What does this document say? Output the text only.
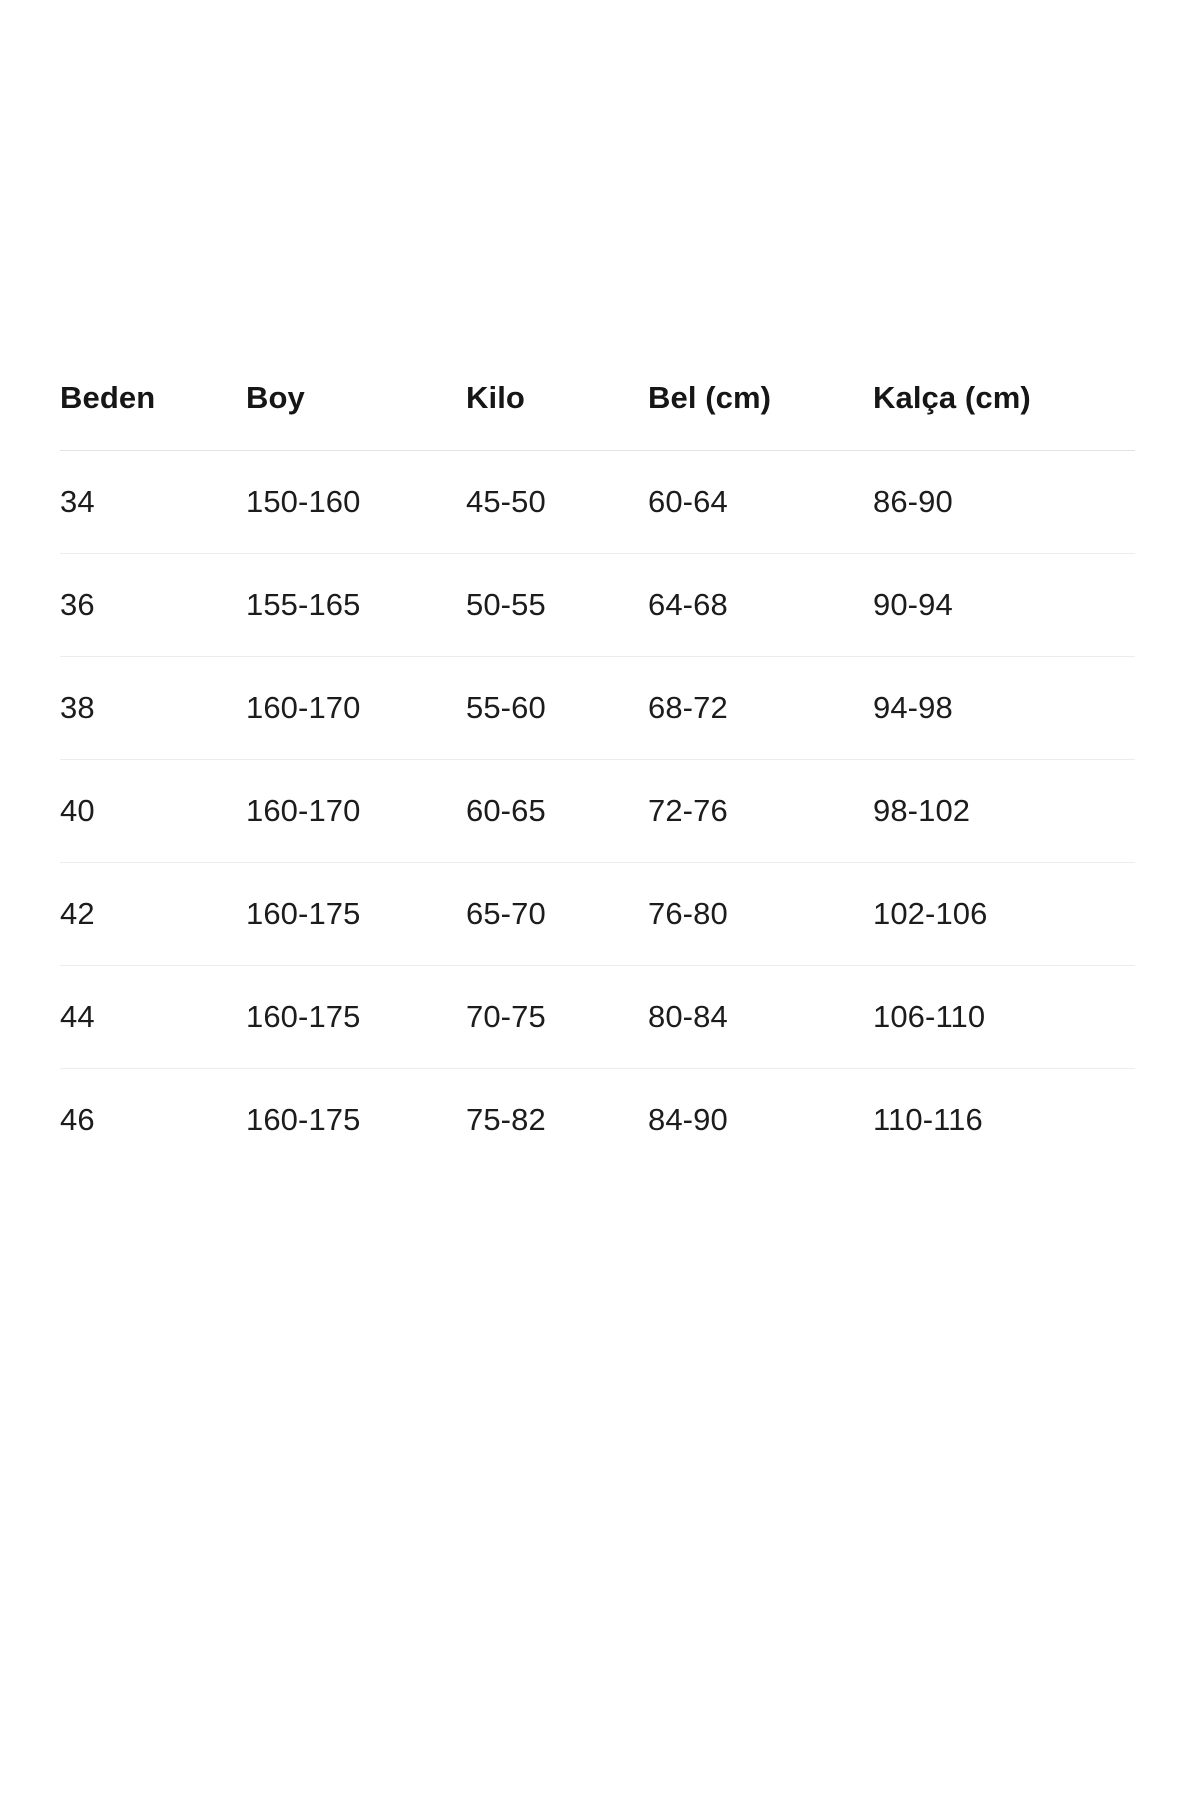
Beden	Boy	Kilo	Bel (cm)	Kalça (cm)
34	150-160	45-50	60-64	86-90
36	155-165	50-55	64-68	90-94
38	160-170	55-60	68-72	94-98
40	160-170	60-65	72-76	98-102
42	160-175	65-70	76-80	102-106
44	160-175	70-75	80-84	106-110
46	160-175	75-82	84-90	110-116
